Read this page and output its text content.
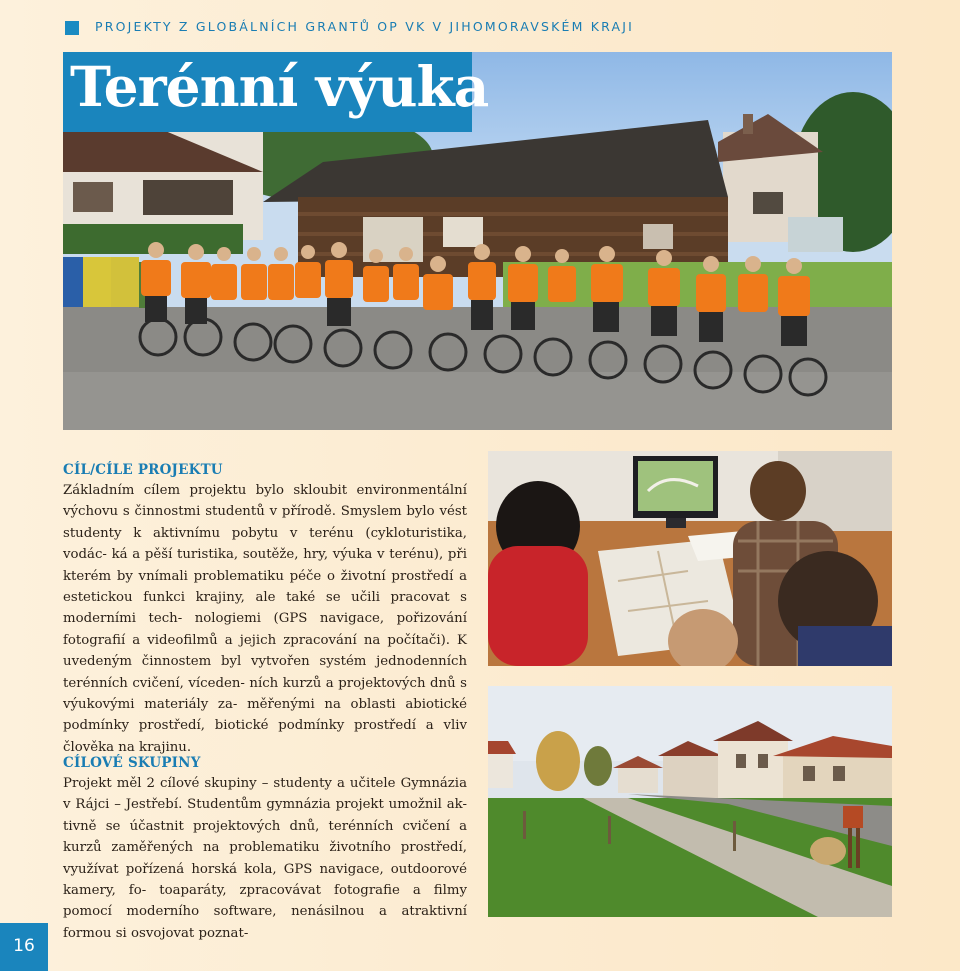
PROJEKTY Z GLOBÁLNÍCH GRANTŮ OP VK V JIHOMORAVSKÉM KRAJI
Terénní výuka
CÍL/CÍLE PROJEKTU

Základním cílem projektu bylo skloubit environmentální výchovu s činnostmi studentů v přírodě. Smyslem bylo vést studenty k aktivnímu pobytu v terénu (cykloturistika, vodác- ká a pěší turistika, soutěže, hry, výuka v terénu), při kterém by vnímali problematiku péče o životní prostředí a estetickou funkci krajiny, ale také se učili pracovat s moderními tech- nologiemi (GPS navigace, pořizování fotografií a videofilmů a jejich zpracování na počítači). K uvedeným činnostem byl vytvořen systém jednodenních terénních cvičení, víceden- ních kurzů a projektových dnů s výukovými materiály za- měřenými na oblasti abiotické podmínky prostředí, biotické podmínky prostředí a vliv člověka na krajinu.

CÍLOVÉ SKUPINY

Projekt měl 2 cílové skupiny – studenty a učitele Gymnázia v Rájci – Jestřebí. Studentům gymnázia projekt umožnil ak- tivně se účastnit projektových dnů, terénních cvičení a kurzů zaměřených na problematiku životního prostředí, využívat pořízená horská kola, GPS navigace, outdoorové kamery, fo- toaparáty, zpracovávat fotografie a filmy pomocí moderního software, nenásilnou a atraktivní formou si osvojovat poznat-

16
